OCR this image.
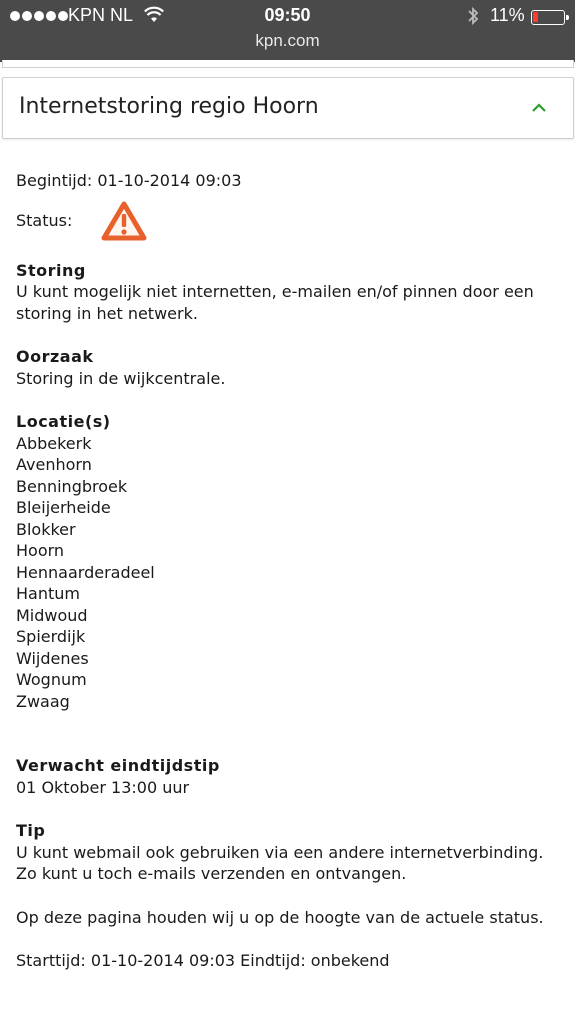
KPN NL	09:50	11%
kpn.com
Internetstoring regio Hoorn
Begintijd: 01-10-2014 09:03
Status:
Storing
U kunt mogelijk niet internetten, e-mailen en/of pinnen door een storing in het netwerk.
Oorzaak
Storing in de wijkcentrale.
Locatie(s)
Abbekerk
Avenhorn
Benningbroek
Bleijerheide
Blokker
Hoorn
Hennaarderadeel
Hantum
Midwoud
Spierdijk
Wijdenes
Wognum
Zwaag
Verwacht eindtijdstip
01 Oktober 13:00 uur
Tip
U kunt webmail ook gebruiken via een andere internetverbinding. Zo kunt u toch e-mails verzenden en ontvangen.
Op deze pagina houden wij u op de hoogte van de actuele status.
Starttijd: 01-10-2014 09:03 Eindtijd: onbekend
